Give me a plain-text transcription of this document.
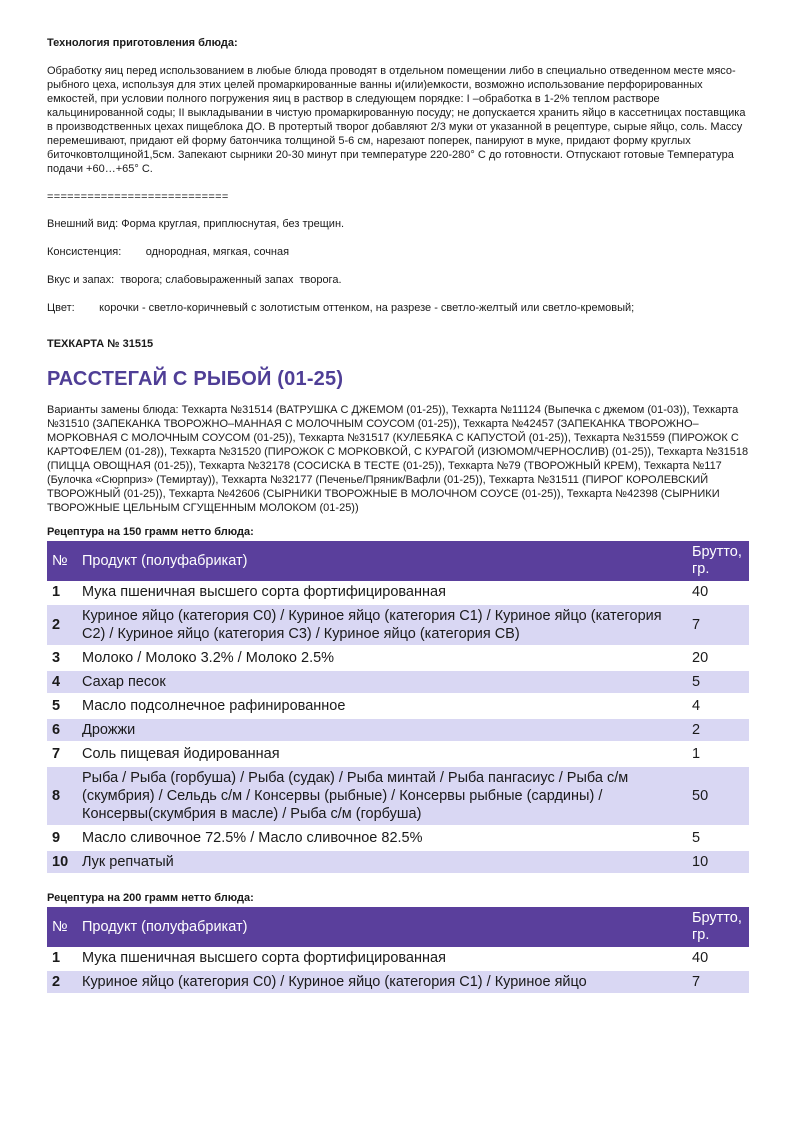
Технология приготовления блюда:
Обработку яиц перед использованием в любые блюда проводят в отдельном помещении либо в специально отведенном месте мясо-рыбного цеха, используя для этих целей промаркированные ванны и(или)емкости, возможно использование перфорированных емкостей, при условии полного погружения яиц в раствор в следующем порядке: I –обработка в 1-2% теплом растворе кальцинированной соды; II выкладывании в чистую промаркированную посуду; не допускается хранить яйцо в кассетницах поставщика в производственных цехах пищеблока ДО. В протертый творог добавляют 2/3 муки от указанной в рецептуре, сырые яйцо, соль. Массу перемешивают, придают ей форму батончика толщиной 5-6 см, нарезают поперек, панируют в муке, придают форму круглых биточковтолщиной1,5см. Запекают сырники 20-30 минут при температуре 220-280° С до готовности. Отпускают готовые Температура подачи +60…+65° С.
===========================
Внешний вид: Форма круглая, приплюснутая, без трещин.
Консистенция: однородная, мягкая, сочная
Вкус и запах: творога; слабовыраженный запах  творога.
Цвет: корочки - светло-коричневый с золотистым оттенком, на разрезе - светло-желтый или светло-кремовый;
ТЕХКАРТА № 31515
РАССТЕГАЙ С РЫБОЙ (01-25)
Варианты замены блюда: Техкарта №31514 (ВАТРУШКА С ДЖЕМОМ (01-25)), Техкарта №11124 (Выпечка с джемом (01-03)), Техкарта №31510 (ЗАПЕКАНКА ТВОРОЖНО–МАННАЯ С МОЛОЧНЫМ СОУСОМ (01-25)), Техкарта №42457 (ЗАПЕКАНКА ТВОРОЖНО–МОРКОВНАЯ С МОЛОЧНЫМ СОУСОМ (01-25)), Техкарта №31517 (КУЛЕБЯКА С КАПУСТОЙ (01-25)), Техкарта №31559 (ПИРОЖОК С КАРТОФЕЛЕМ (01-28)), Техкарта №31520 (ПИРОЖОК С МОРКОВКОЙ, С КУРАГОЙ (ИЗЮМОМ/ЧЕРНОСЛИВ) (01-25)), Техкарта №31518 (ПИЦЦА ОВОЩНАЯ (01-25)), Техкарта №32178 (СОСИСКА В ТЕСТЕ (01-25)), Техкарта №79 (ТВОРОЖНЫЙ КРЕМ), Техкарта №117 (Булочка «Сюрприз» (Темиртау)), Техкарта №32177 (Печенье/Пряник/Вафли (01-25)), Техкарта №31511 (ПИРОГ КОРОЛЕВСКИЙ ТВОРОЖНЫЙ (01-25)), Техкарта №42606 (СЫРНИКИ ТВОРОЖНЫЕ В МОЛОЧНОМ СОУСЕ (01-25)), Техкарта №42398 (СЫРНИКИ ТВОРОЖНЫЕ ЦЕЛЬНЫМ СГУЩЕННЫМ МОЛОКОМ (01-25))
Рецептура на 150 грамм нетто блюда:
№	Продукт (полуфабрикат)	Брутто, гр.
1	Мука пшеничная высшего сорта фортифицированная	40
2	Куриное яйцо (категория С0) / Куриное яйцо (категория С1) / Куриное яйцо (категория С2) / Куриное яйцо (категория С3) / Куриное яйцо (категория СВ)	7
3	Молоко / Молоко 3.2% / Молоко 2.5%	20
4	Сахар песок	5
5	Масло подсолнечное рафинированное	4
6	Дрожжи	2
7	Соль пищевая йодированная	1
8	Рыба / Рыба (горбуша) / Рыба (судак) / Рыба минтай / Рыба пангасиус / Рыба с/м (скумбрия) / Сельдь с/м / Консервы (рыбные) / Консервы рыбные (сардины) / Консервы(скумбрия в масле) / Рыба с/м (горбуша)	50
9	Масло сливочное 72.5% / Масло сливочное 82.5%	5
10	Лук репчатый	10
Рецептура на 200 грамм нетто блюда:
№	Продукт (полуфабрикат)	Брутто, гр.
1	Мука пшеничная высшего сорта фортифицированная	40
2	Куриное яйцо (категория С0) / Куриное яйцо (категория С1) / Куриное яйцо	7
